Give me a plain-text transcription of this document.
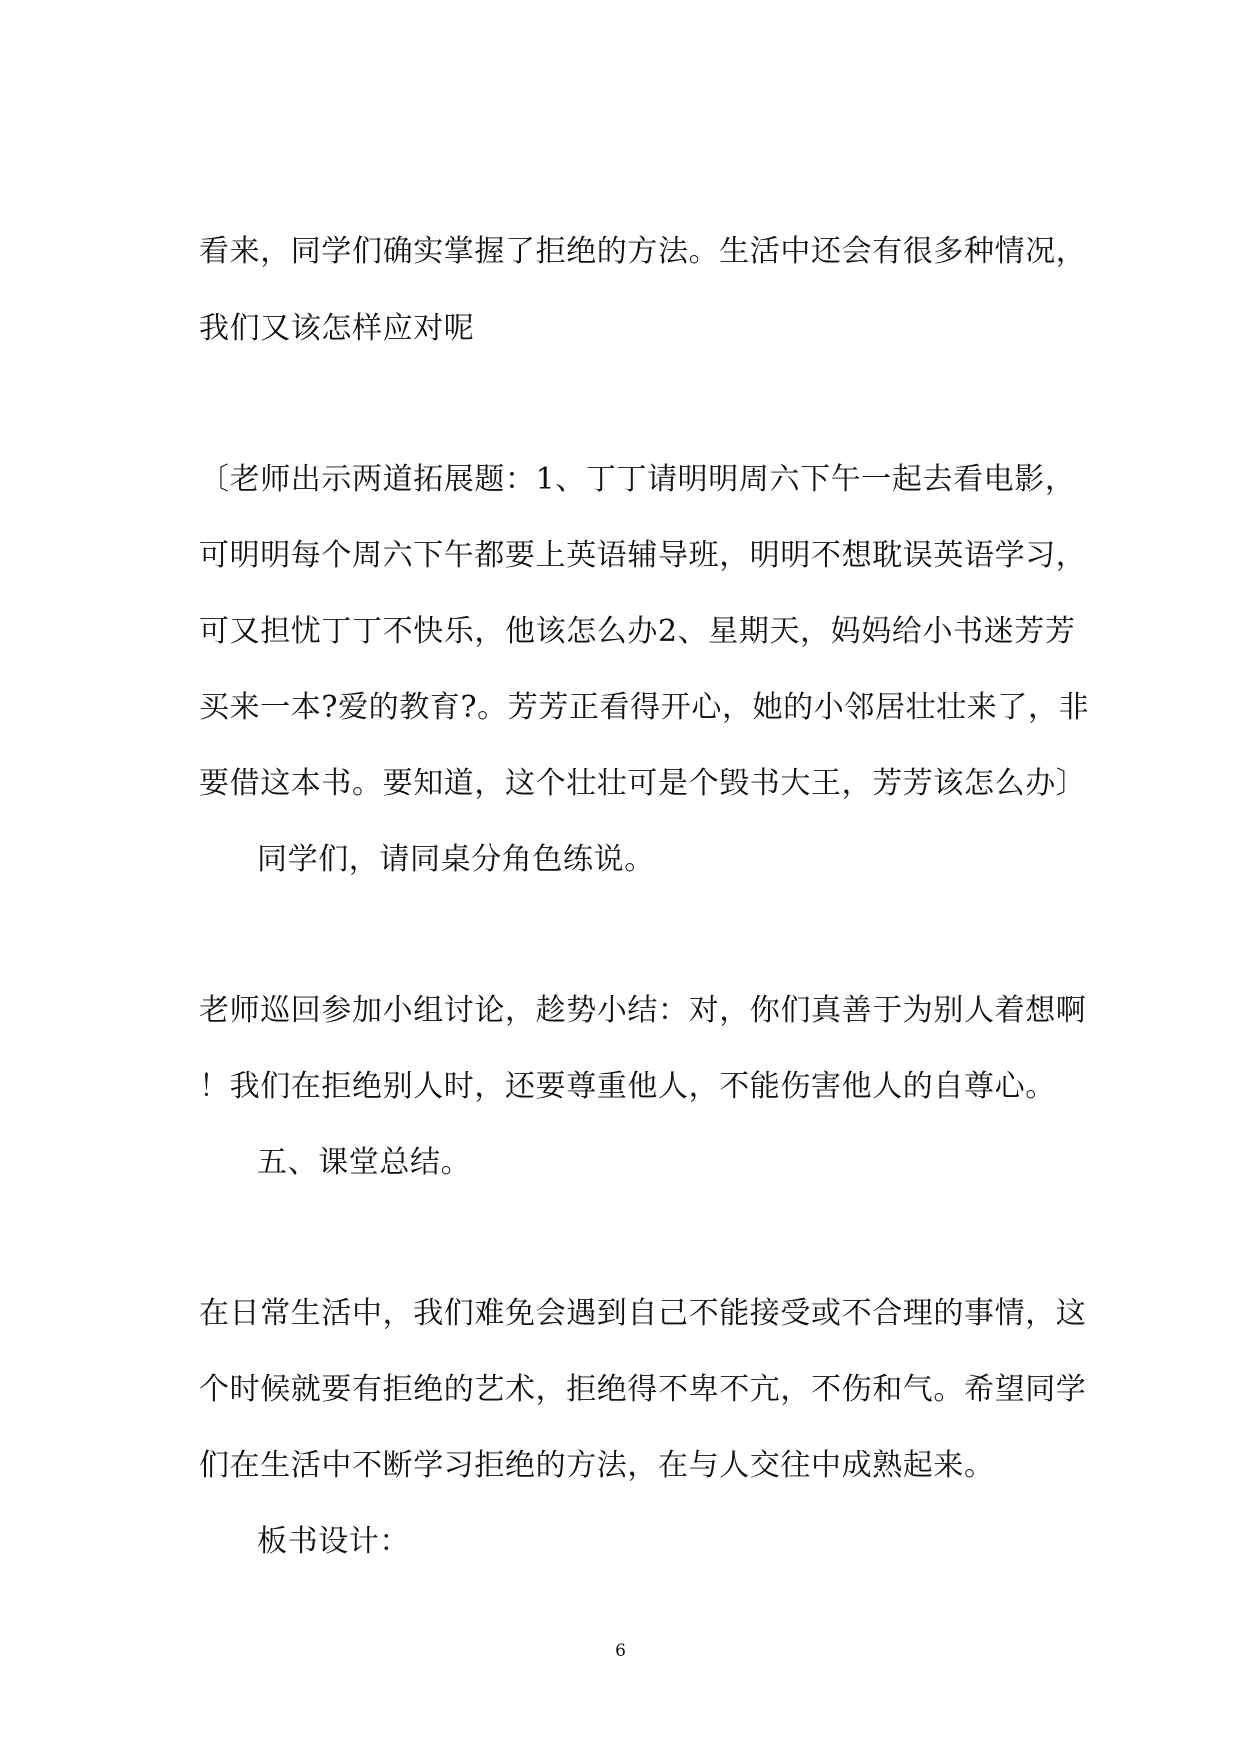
看来，同学们确实掌握了拒绝的方法。生活中还会有很多种情况，
我们又该怎样应对呢
〔老师出示两道拓展题：1、丁丁请明明周六下午一起去看电影，
可明明每个周六下午都要上英语辅导班，明明不想耽误英语学习，
可又担忧丁丁不快乐，他该怎么办2、星期天，妈妈给小书迷芳芳
买来一本?爱的教育?。芳芳正看得开心，她的小邻居壮壮来了，非
要借这本书。要知道，这个壮壮可是个毁书大王，芳芳该怎么办〕
同学们，请同桌分角色练说。
老师巡回参加小组讨论，趁势小结：对，你们真善于为别人着想啊
！我们在拒绝别人时，还要尊重他人，不能伤害他人的自尊心。
五、课堂总结。
在日常生活中，我们难免会遇到自己不能接受或不合理的事情，这
个时候就要有拒绝的艺术，拒绝得不卑不亢，不伤和气。希望同学
们在生活中不断学习拒绝的方法，在与人交往中成熟起来。
板书设计：
6
